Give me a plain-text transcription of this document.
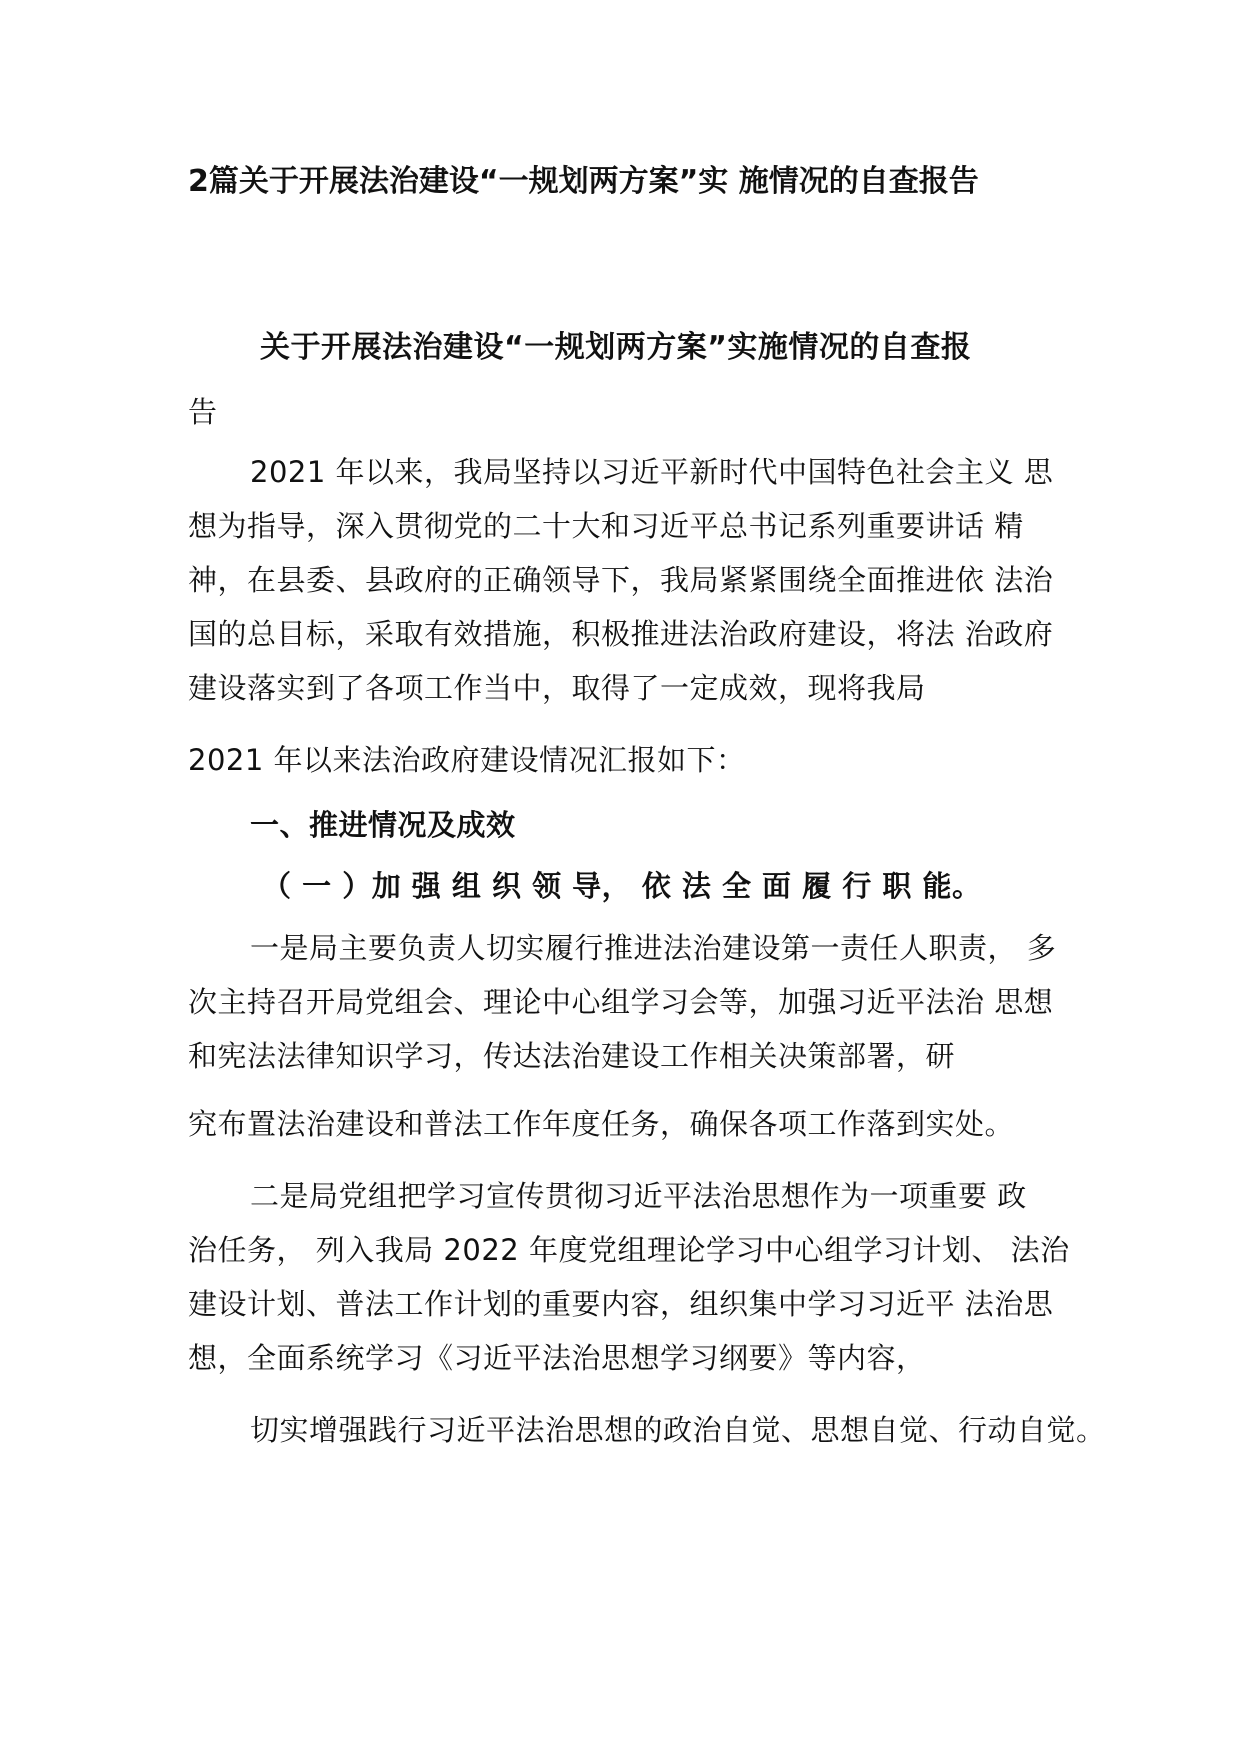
2篇关于开展法治建设“一规划两方案”实 施情况的自查报告
关于开展法治建设“一规划两方案”实施情况的自查报
告
2021 年以来，我局坚持以习近平新时代中国特色社会主义 思
想为指导，深入贯彻党的二十大和习近平总书记系列重要讲话 精
神，在县委、县政府的正确领导下，我局紧紧围绕全面推进依 法治
国的总目标，采取有效措施，积极推进法治政府建设，将法 治政府
建设落实到了各项工作当中，取得了一定成效，现将我局
2021 年以来法治政府建设情况汇报如下：
一、推进情况及成效
（ 一 ）加 强 组 织 领 导， 依 法 全 面 履 行 职 能。
一是局主要负责人切实履行推进法治建设第一责任人职责， 多
次主持召开局党组会、理论中心组学习会等，加强习近平法治 思想
和宪法法律知识学习，传达法治建设工作相关决策部署，研
究布置法治建设和普法工作年度任务，确保各项工作落到实处。
二是局党组把学习宣传贯彻习近平法治思想作为一项重要 政
治任务， 列入我局 2022 年度党组理论学习中心组学习计划、 法治
建设计划、普法工作计划的重要内容，组织集中学习习近平 法治思
想，全面系统学习《习近平法治思想学习纲要》等内容，
切实增强践行习近平法治思想的政治自觉、思想自觉、行动自觉。
